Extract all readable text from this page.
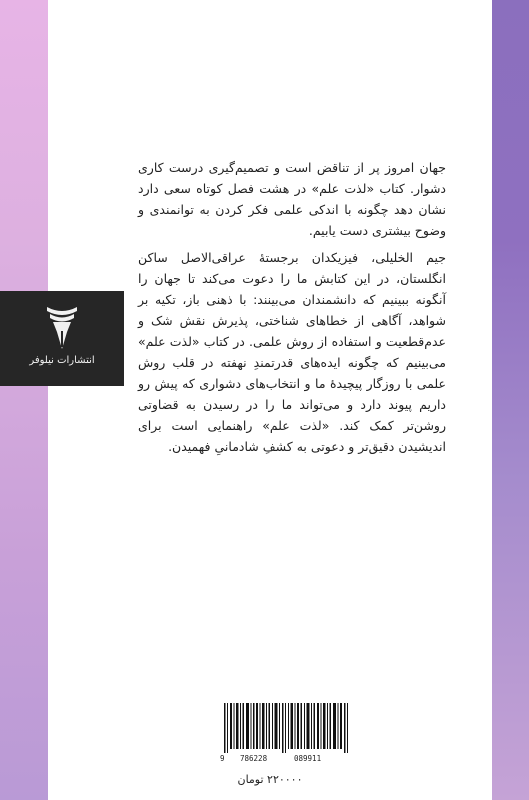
انتشارات نیلوفر

جهان امروز پر از تناقض است و تصمیم‌گیری درست کاری دشوار. کتاب «لذت علم» در هشت فصل کوتاه سعی دارد نشان دهد چگونه با اندکی علمی فکر کردن به توانمندی و وضوح بیشتری دست یابیم.

جیم الخلیلی، فیزیکدان برجستهٔ عراقی‌الاصل ساکن انگلستان، در این کتابش ما را دعوت می‌کند تا جهان را آنگونه ببینیم که دانشمندان می‌بینند: با ذهنی باز، تکیه بر شواهد، آگاهی از خطاهای شناختی، پذیرش نقش شک و عدم‌قطعیت و استفاده از روش علمی. در کتاب «لذت علم» می‌بینیم که چگونه ایده‌های قدرتمندِ نهفته در قلب روش علمی با روزگار پیچیدهٔ ما و انتخاب‌های دشواری که پیش رو داریم پیوند دارد و می‌تواند ما را در رسیدن به قضاوتی روشن‌تر کمک کند. «لذت علم» راهنمایی است برای اندیشیدن دقیق‌تر و دعوتی به کشفِ شادمانیِ فهمیدن.

9 786228	089911
۲۲۰۰۰۰ تومان
